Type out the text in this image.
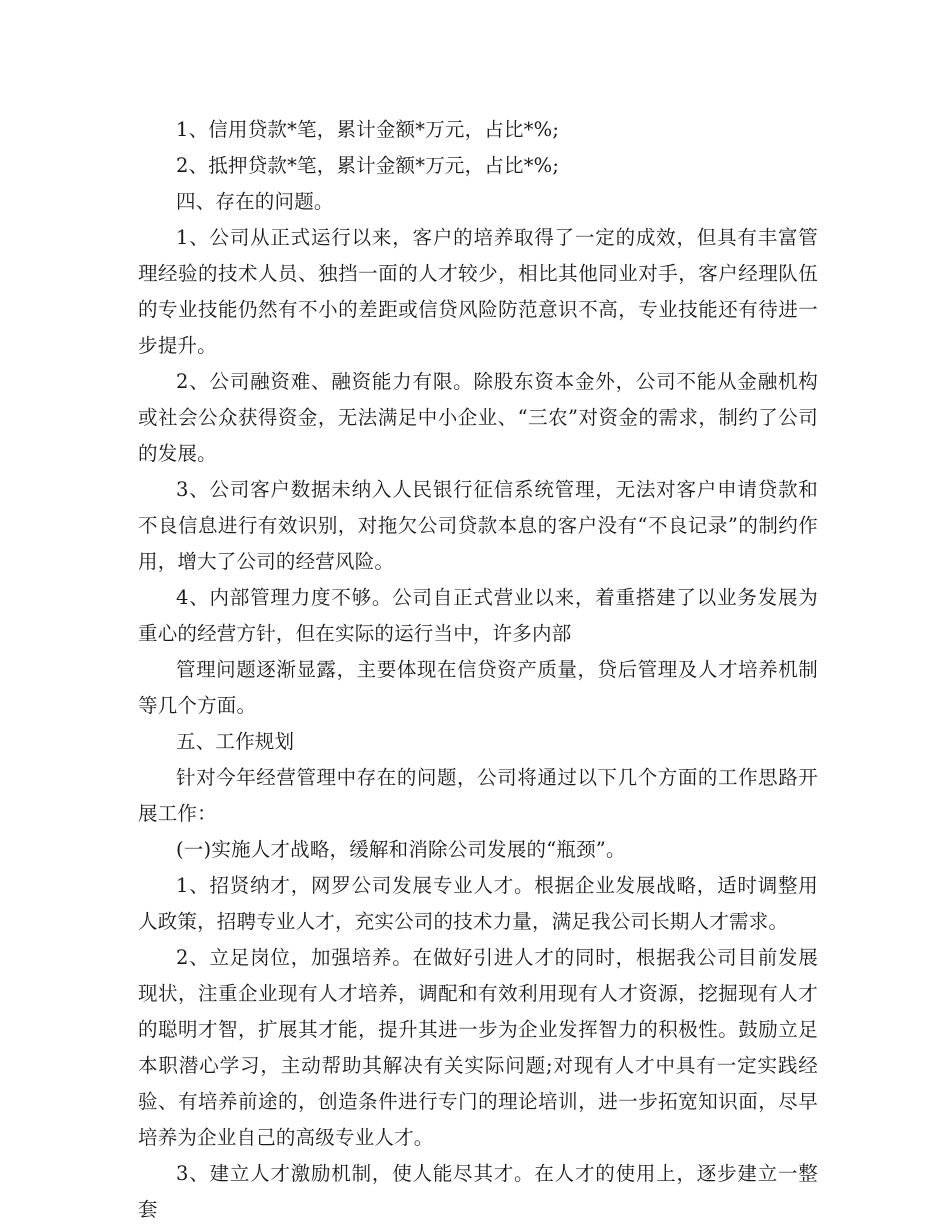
1、信用贷款*笔，累计金额*万元，占比*%;

2、抵押贷款*笔，累计金额*万元，占比*%;

四、存在的问题。

1、公司从正式运行以来，客户的培养取得了一定的成效，但具有丰富管理经验的技术人员、独挡一面的人才较少，相比其他同业对手，客户经理队伍的专业技能仍然有不小的差距或信贷风险防范意识不高，专业技能还有待进一步提升。

2、公司融资难、融资能力有限。除股东资本金外，公司不能从金融机构或社会公众获得资金，无法满足中小企业、“三农”对资金的需求，制约了公司的发展。

3、公司客户数据未纳入人民银行征信系统管理，无法对客户申请贷款和不良信息进行有效识别，对拖欠公司贷款本息的客户没有“不良记录”的制约作用，增大了公司的经营风险。

4、内部管理力度不够。公司自正式营业以来，着重搭建了以业务发展为重心的经营方针，但在实际的运行当中，许多内部

管理问题逐渐显露，主要体现在信贷资产质量，贷后管理及人才培养机制等几个方面。

五、工作规划

针对今年经营管理中存在的问题，公司将通过以下几个方面的工作思路开展工作：

(一)实施人才战略，缓解和消除公司发展的“瓶颈”。

1、招贤纳才，网罗公司发展专业人才。根据企业发展战略，适时调整用人政策，招聘专业人才，充实公司的技术力量，满足我公司长期人才需求。

2、立足岗位，加强培养。在做好引进人才的同时，根据我公司目前发展现状，注重企业现有人才培养，调配和有效利用现有人才资源，挖掘现有人才的聪明才智，扩展其才能，提升其进一步为企业发挥智力的积极性。鼓励立足本职潜心学习，主动帮助其解决有关实际问题;对现有人才中具有一定实践经验、有培养前途的，创造条件进行专门的理论培训，进一步拓宽知识面，尽早培养为企业自己的高级专业人才。

3、建立人才激励机制，使人能尽其才。在人才的使用上，逐步建立一整套
